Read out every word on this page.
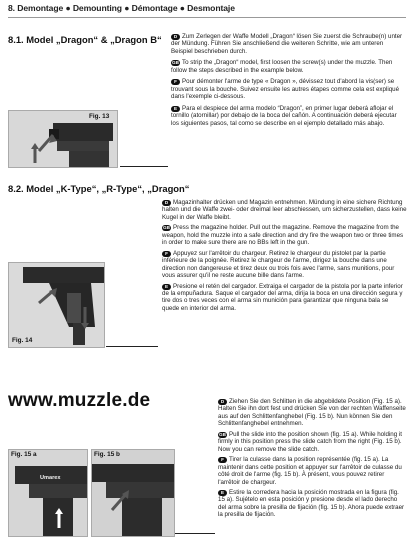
8. Demontage ● Demounting ● Démontage ● Desmontaje
8.1. Model „Dragon“ & „Dragon B“
Fig. 13
D Zum Zerlegen der Waffe Modell „Dragon“ lösen Sie zuerst die Schraube(n) unter der Mündung. Führen Sie anschließend die weiteren Schritte, wie am unteren Beispiel beschrieben durch.
GB To strip the „Dragon“ model, first loosen the screw(s) under the muzzle. Then follow the steps described in the example below.
F Pour démonter l'arme de type « Dragon », dévissez tout d'abord la vis(ser) se trouvant sous la bouche. Suivez ensuite les autres étapes comme cela est expliqué dans l'exemple ci-dessous.
E Para el despiece del arma modelo “Dragon”, en primer lugar deberá aflojar el tornillo (atornillar) por debajo de la boca del cañón. A continuación deberá ejecutar los siguientes pasos, tal como se describe en el ejemplo detallado más abajo.
8.2. Model „K-Type“, „R-Type“, „Dragon“
Fig. 14
D Magazinhalter drücken und Magazin entnehmen. Mündung in eine sichere Richtung halten und die Waffe zwei- oder dreimal leer abschiessen, um sicherzustellen, dass keine Kugel in der Waffe bleibt.
GB Press the magazine holder. Pull out the magazine. Remove the magazine from the weapon, hold the muzzle into a safe direction and dry fire the weapon two or three times in order to make sure there are no BBs left in the gun.
F Appuyez sur l'arrêtoir du chargeur. Retirez le chargeur du pistolet par la partie inférieure de la poignée. Retirez le chargeur de l'arme, dirigez la bouche dans une direction non dangereuse et tirez deux ou trois fois avec l'arme, sans munitions, pour vous assurer qu'il ne reste aucune bille dans l'arme.
E Presione el retén del cargador. Extraiga el cargador de la pistola por la parte inferior de la empuñadura. Saque el cargador del arma, dirija la boca en una dirección segura y tire dos o tres veces con el arma sin munición para garantizar que ninguna bala se quede en interior del arma.
www.muzzle.de
Fig. 15 a
Umarex
Fig. 15 b
D Ziehen Sie den Schlitten in die abgebildete Position (Fig. 15 a). Halten Sie ihn dort fest und drücken Sie von der rechten Waffenseite aus auf den Schlittenfanghebel (Fig. 15 b). Nun können Sie den Schlittenfanghebel entnehmen.
GB Pull the slide into the position shown (fig. 15 a). While holding it firmly in this position press the slide catch from the right (Fig. 15 b). Now you can remove the slide catch.
F Tirer la culasse dans la position représentée (fig. 15 a). La maintenir dans cette position et appuyer sur l'arrêtoir de culasse du côté droit de l'arme (fig. 15 b). À présent, vous pouvez retirer l'arrêtoir de chargeur.
E Estire la corredera hacia la posición mostrada en la figura (fig. 15 a). Sujételo en esta posición y presione desde el lado derecho del arma sobre la presilla de fijación (fig. 15 b). Ahora puede extraer la presilla de fijación.
